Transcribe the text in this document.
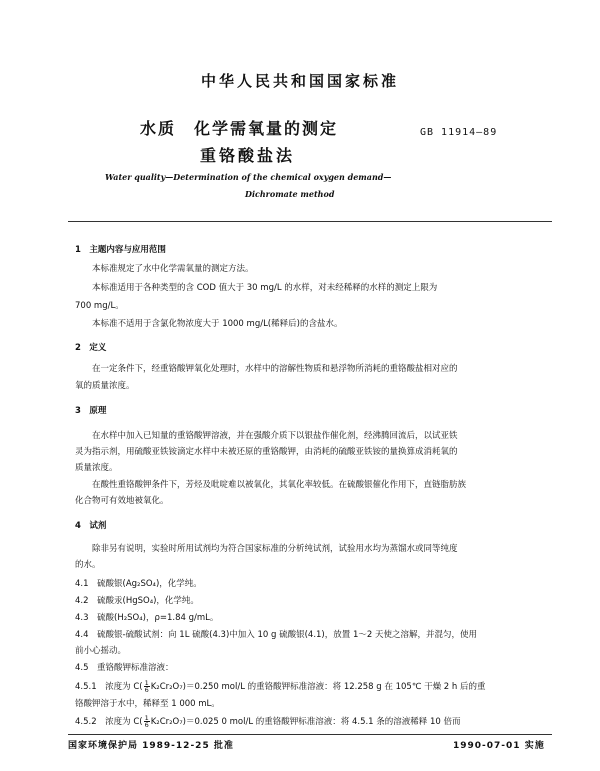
中华人民共和国国家标准
水质　化学需氧量的测定
重铬酸盐法
GB 11914—89
Water quality—Determination of the chemical oxygen demand—
Dichromate method
1　主题内容与应用范围
本标准规定了水中化学需氧量的测定方法。
本标准适用于各种类型的含 COD 值大于 30 mg/L 的水样，对未经稀释的水样的测定上限为
700 mg/L。
本标准不适用于含氯化物浓度大于 1000 mg/L(稀释后)的含盐水。
2　定义
在一定条件下，经重铬酸钾氧化处理时，水样中的溶解性物质和悬浮物所消耗的重铬酸盐相对应的
氧的质量浓度。
3　原理
在水样中加入已知量的重铬酸钾溶液，并在强酸介质下以银盐作催化剂，经沸腾回流后，以试亚铁
灵为指示剂，用硫酸亚铁铵滴定水样中未被还原的重铬酸钾，由消耗的硫酸亚铁铵的量换算成消耗氧的
质量浓度。
在酸性重铬酸钾条件下，芳烃及吡啶难以被氧化，其氧化率较低。在硫酸银催化作用下，直链脂肪族
化合物可有效地被氧化。
4　试剂
除非另有说明，实验时所用试剂均为符合国家标准的分析纯试剂，试验用水均为蒸馏水或同等纯度
的水。
4.1　硫酸银(Ag₂SO₄)，化学纯。
4.2　硫酸汞(HgSO₄)，化学纯。
4.3　硫酸(H₂SO₄)，ρ=1.84 g/mL。
4.4　硫酸银-硫酸试剂：向 1L 硫酸(4.3)中加入 10 g 硫酸银(4.1)，放置 1～2 天使之溶解，并混匀，使用
前小心摇动。
4.5　重铬酸钾标准溶液：
4.5.1　浓度为 $C( \frac{1}{6} K_2Cr_2O_7)=0.250$ mol/L 的重铬酸钾标准溶液：将 12.258 g 在 105℃ 干燥 2 h 后的重
铬酸钾溶于水中，稀释至 1 000 mL。
4.5.2　浓度为 $C( \frac{1}{6} K_2Cr_2O_7)=0.025$ 0 mol/L 的重铬酸钾标准溶液：将 4.5.1 条的溶液稀释 10 倍而
国家环境保护局 1989-12-25 批准	1990-07-01 实施
